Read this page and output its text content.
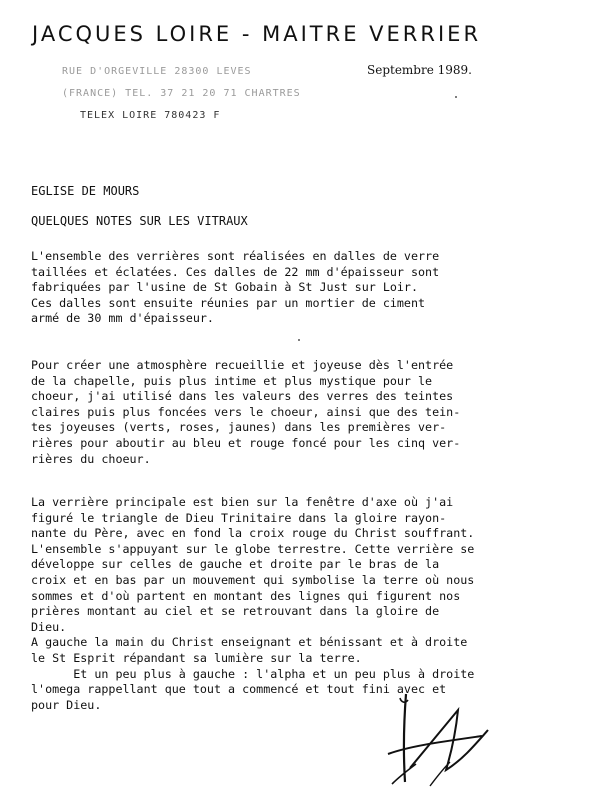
JACQUES LOIRE - MAITRE VERRIER
RUE D'ORGEVILLE 28300 LEVES
(FRANCE) TEL. 37 21 20 71 CHARTRES
TELEX LOIRE 780423 F
Septembre 1989.
EGLISE DE MOURS
QUELQUES NOTES SUR LES VITRAUX
L'ensemble des verrières sont réalisées en dalles de verre
taillées et éclatées. Ces dalles de 22 mm d'épaisseur sont
fabriquées par l'usine de St Gobain à St Just sur Loir.
Ces dalles sont ensuite réunies par un mortier de ciment
armé de 30 mm d'épaisseur.
Pour créer une atmosphère recueillie et joyeuse dès l'entrée
de la chapelle, puis plus intime et plus mystique pour le
choeur, j'ai utilisé dans les valeurs des verres des teintes
claires puis plus foncées vers le choeur, ainsi que des tein-
tes joyeuses (verts, roses, jaunes) dans les premières ver-
rières pour aboutir au bleu et rouge foncé pour les cinq ver-
rières du choeur.
La verrière principale est bien sur la fenêtre d'axe où j'ai
figuré le triangle de Dieu Trinitaire dans la gloire rayon-
nante du Père, avec en fond la croix rouge du Christ souffrant.
L'ensemble s'appuyant sur le globe terrestre. Cette verrière se
développe sur celles de gauche et droite par le bras de la
croix et en bas par un mouvement qui symbolise la terre où nous
sommes et d'où partent en montant des lignes qui figurent nos
prières montant au ciel et se retrouvant dans la gloire de
Dieu.
A gauche la main du Christ enseignant et bénissant et à droite
le St Esprit répandant sa lumière sur la terre.
Et un peu plus à gauche : l'alpha et un peu plus à droite
l'omega rappellant que tout a commencé et tout fini avec et
pour Dieu.
